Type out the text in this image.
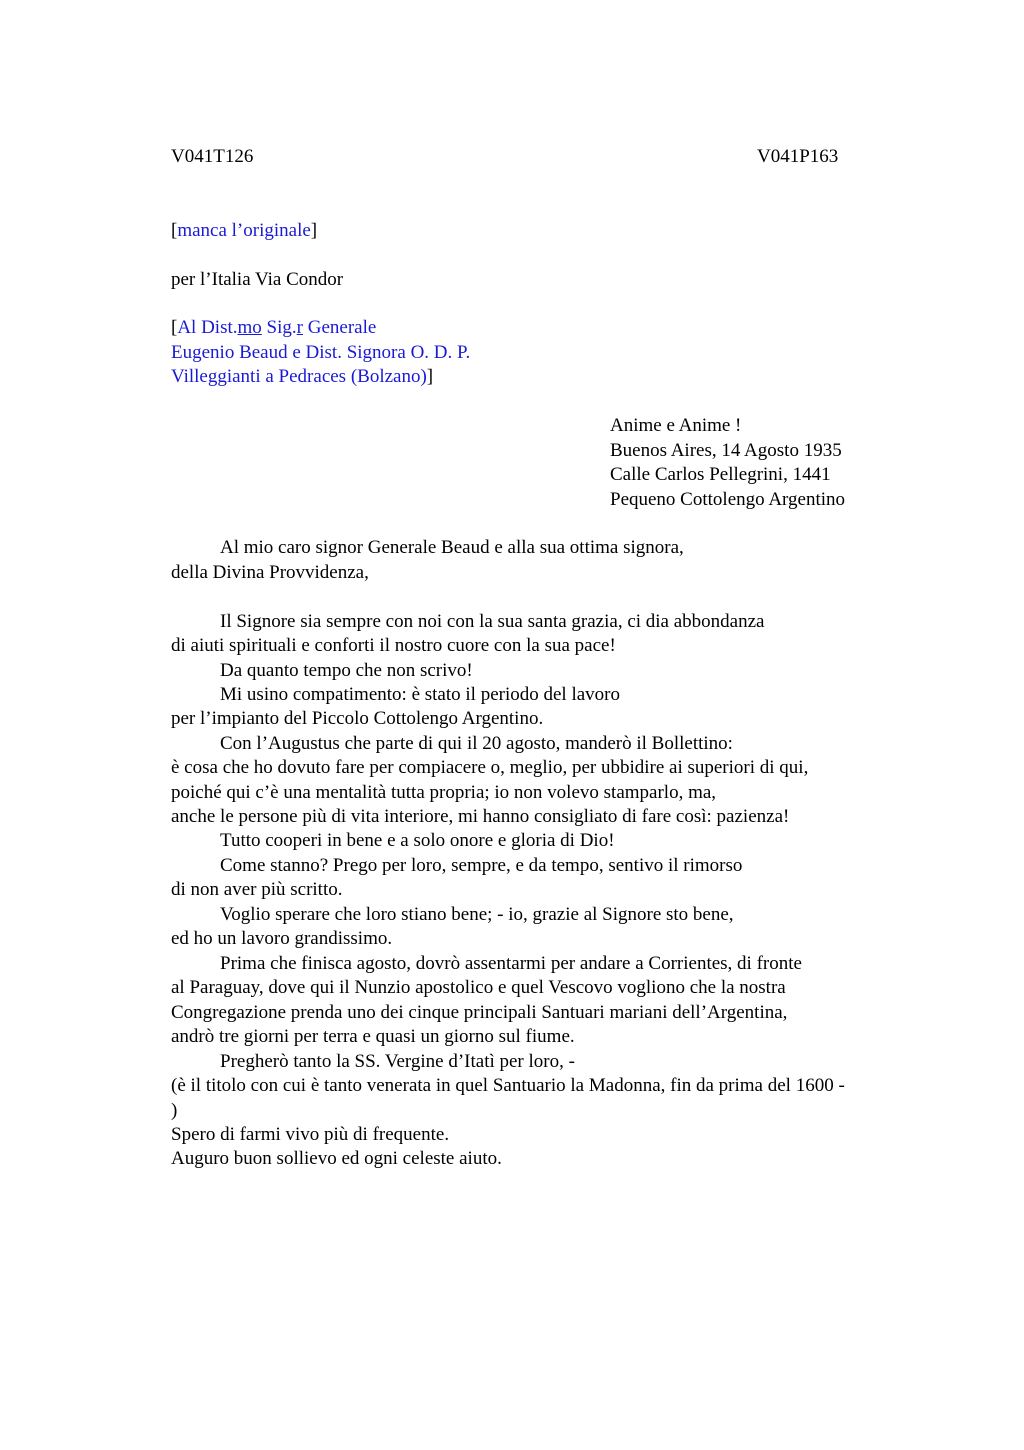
V041T126	V041P163
[manca l’originale]
per l’Italia Via Condor
[Al Dist.mo Sig.r Generale
Eugenio Beaud e Dist. Signora O. D. P.
Villeggianti a Pedraces (Bolzano)]
Anime e Anime !
Buenos Aires, 14 Agosto 1935
Calle Carlos Pellegrini, 1441
Pequeno Cottolengo Argentino
Al mio caro signor Generale Beaud e alla sua ottima signora,
della Divina Provvidenza,
Il Signore sia sempre con noi con la sua santa grazia, ci dia abbondanza
di aiuti spirituali e conforti il nostro cuore con la sua pace!
Da quanto tempo che non scrivo!
Mi usino compatimento: è stato il periodo del lavoro
per l’impianto del Piccolo Cottolengo Argentino.
Con l’Augustus che parte di qui il 20 agosto, manderò il Bollettino:
è cosa che ho dovuto fare per compiacere o, meglio, per ubbidire ai superiori di qui,
poiché qui c’è una mentalità tutta propria; io non volevo stamparlo, ma,
anche le persone più di vita interiore, mi hanno consigliato di fare così: pazienza!
Tutto cooperi in bene e a solo onore e gloria di Dio!
Come stanno? Prego per loro, sempre, e da tempo, sentivo il rimorso
di non aver più scritto.
Voglio sperare che loro stiano bene; - io, grazie al Signore sto bene,
ed ho un lavoro grandissimo.
Prima che finisca agosto, dovrò assentarmi per andare a Corrientes, di fronte
al Paraguay, dove qui il Nunzio apostolico e quel Vescovo vogliono che la nostra
Congregazione prenda uno dei cinque principali Santuari mariani dell’Argentina,
andrò tre giorni per terra e quasi un giorno sul fiume.
Pregherò tanto la SS. Vergine d’Itatì per loro, -
(è il titolo con cui è tanto venerata in quel Santuario la Madonna, fin da prima del 1600 -
)
Spero di farmi vivo più di frequente.
Auguro buon sollievo ed ogni celeste aiuto.
